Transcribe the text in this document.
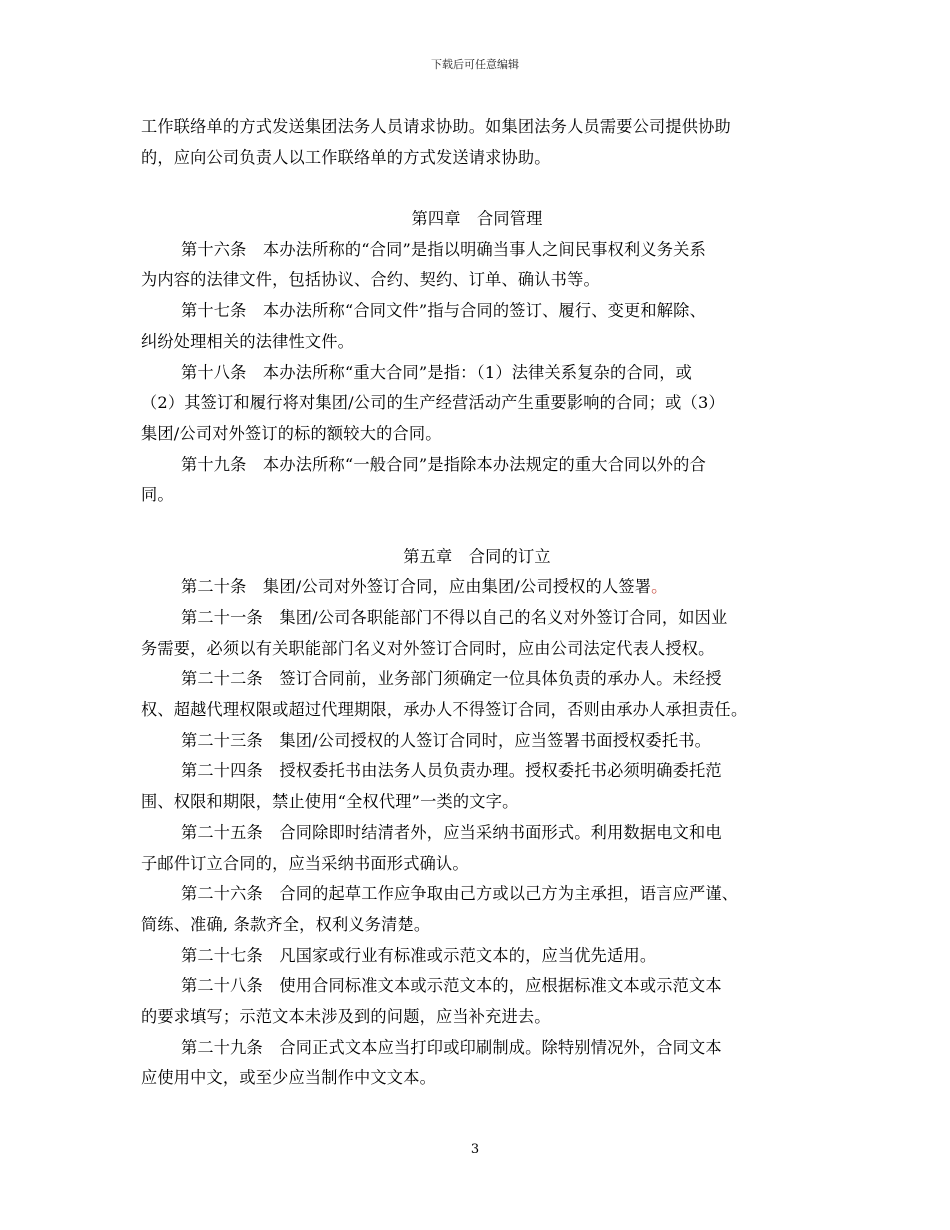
下载后可任意编辑
工作联络单的方式发送集团法务人员请求协助。如集团法务人员需要公司提供协助
的，应向公司负责人以工作联络单的方式发送请求协助。
第四章　合同管理
第十六条　本办法所称的“合同”是指以明确当事人之间民事权利义务关系
为内容的法律文件，包括协议、合约、契约、订单、确认书等。
第十七条　本办法所称“合同文件”指与合同的签订、履行、变更和解除、
纠纷处理相关的法律性文件。
第十八条　本办法所称“重大合同”是指：（1）法律关系复杂的合同，或
（2）其签订和履行将对集团/公司的生产经营活动产生重要影响的合同；或（3）
集团/公司对外签订的标的额较大的合同。
第十九条　本办法所称“一般合同”是指除本办法规定的重大合同以外的合
同。
第五章　合同的订立
第二十条　集团/公司对外签订合同，应由集团/公司授权的人签署。
第二十一条　集团/公司各职能部门不得以自己的名义对外签订合同，如因业
务需要，必须以有关职能部门名义对外签订合同时，应由公司法定代表人授权。
第二十二条　签订合同前，业务部门须确定一位具体负责的承办人。未经授
权、超越代理权限或超过代理期限，承办人不得签订合同，否则由承办人承担责任。
第二十三条　集团/公司授权的人签订合同时，应当签署书面授权委托书。
第二十四条　授权委托书由法务人员负责办理。授权委托书必须明确委托范
围、权限和期限，禁止使用“全权代理”一类的文字。
第二十五条　合同除即时结清者外，应当采纳书面形式。利用数据电文和电
子邮件订立合同的，应当采纳书面形式确认。
第二十六条　合同的起草工作应争取由己方或以己方为主承担，语言应严谨、
简练、准确, 条款齐全，权利义务清楚。
第二十七条　凡国家或行业有标准或示范文本的，应当优先适用。
第二十八条　使用合同标准文本或示范文本的，应根据标准文本或示范文本
的要求填写；示范文本未涉及到的问题，应当补充进去。
第二十九条　合同正式文本应当打印或印刷制成。除特别情况外，合同文本
应使用中文，或至少应当制作中文文本。
3
